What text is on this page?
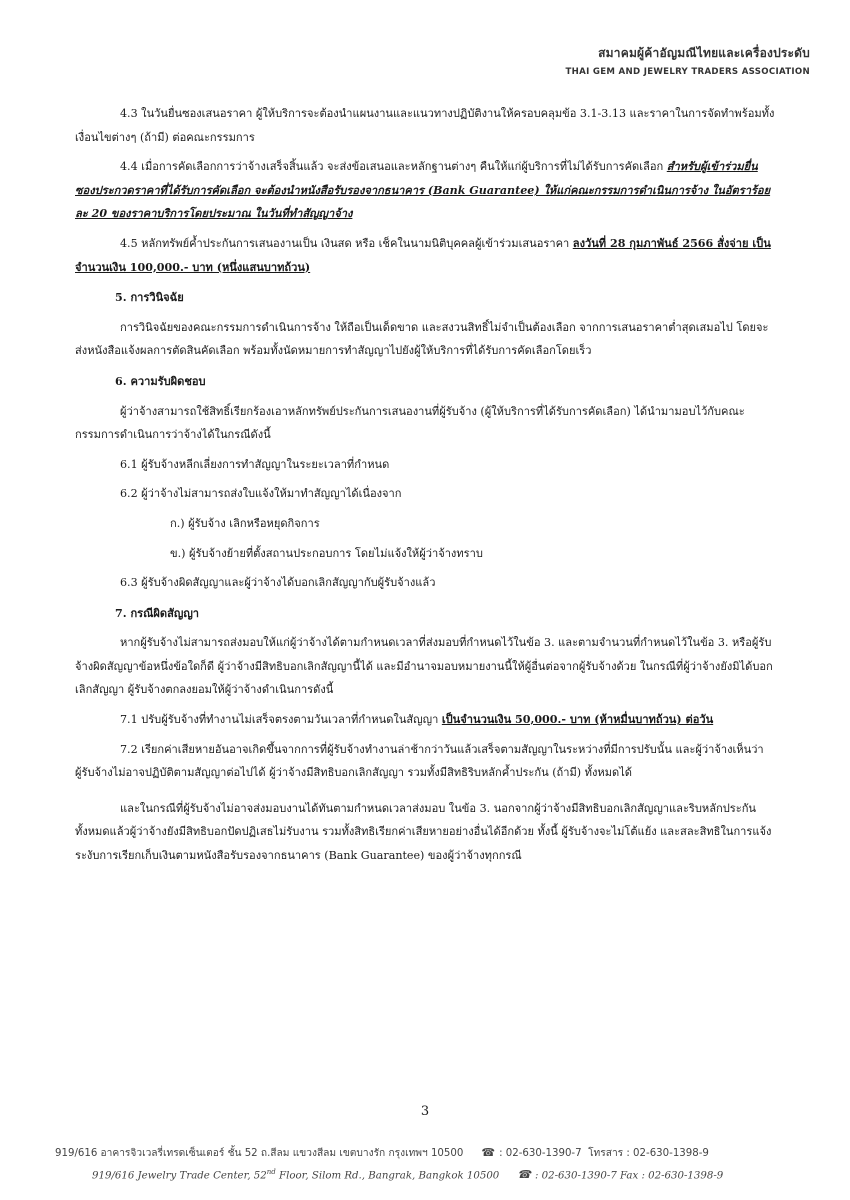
สมาคมผู้ค้าอัญมณีไทยและเครื่องประดับ
THAI GEM AND JEWELRY TRADERS ASSOCIATION

4.3 ในวันยื่นซองเสนอราคา ผู้ให้บริการจะต้องนำแผนงานและแนวทางปฏิบัติงานให้ครอบคลุมข้อ 3.1-3.13 และราคาในการจัดทำพร้อมทั้งเงื่อนไขต่างๆ (ถ้ามี) ต่อคณะกรรมการ

4.4 เมื่อการคัดเลือกการว่าจ้างเสร็จสิ้นแล้ว จะส่งข้อเสนอและหลักฐานต่างๆ คืนให้แก่ผู้บริการที่ไม่ได้รับการคัดเลือก สำหรับผู้เข้าร่วมยื่นซองประกวดราคาที่ได้รับการคัดเลือก จะต้องนำหนังสือรับรองจากธนาคาร (Bank Guarantee) ให้แก่คณะกรรมการดำเนินการจ้าง ในอัตราร้อยละ 20 ของราคาบริการโดยประมาณ ในวันที่ทำสัญญาจ้าง

4.5 หลักทรัพย์ค้ำประกันการเสนองานเป็น เงินสด หรือ เช็คในนามนิติบุคคลผู้เข้าร่วมเสนอราคา ลงวันที่ 28 กุมภาพันธ์ 2566 สั่งจ่าย เป็นจำนวนเงิน 100,000.- บาท (หนึ่งแสนบาทถ้วน)

5. การวินิจฉัย

การวินิจฉัยของคณะกรรมการดำเนินการจ้าง ให้ถือเป็นเด็ดขาด และสงวนสิทธิ์ไม่จำเป็นต้องเลือก จากการเสนอราคาต่ำสุดเสมอไป โดยจะส่งหนังสือแจ้งผลการตัดสินคัดเลือก พร้อมทั้งนัดหมายการทำสัญญาไปยังผู้ให้บริการที่ได้รับการคัดเลือกโดยเร็ว

6. ความรับผิดชอบ

ผู้ว่าจ้างสามารถใช้สิทธิ์เรียกร้องเอาหลักทรัพย์ประกันการเสนองานที่ผู้รับจ้าง (ผู้ให้บริการที่ได้รับการคัดเลือก) ได้นำมามอบไว้กับคณะกรรมการดำเนินการว่าจ้างได้ในกรณีดังนี้

6.1 ผู้รับจ้างหลีกเลี่ยงการทำสัญญาในระยะเวลาที่กำหนด

6.2 ผู้ว่าจ้างไม่สามารถส่งใบแจ้งให้มาทำสัญญาได้เนื่องจาก

ก.) ผู้รับจ้าง เลิกหรือหยุดกิจการ

ข.) ผู้รับจ้างย้ายที่ตั้งสถานประกอบการ โดยไม่แจ้งให้ผู้ว่าจ้างทราบ

6.3 ผู้รับจ้างผิดสัญญาและผู้ว่าจ้างได้บอกเลิกสัญญากับผู้รับจ้างแล้ว

7. กรณีผิดสัญญา

หากผู้รับจ้างไม่สามารถส่งมอบให้แก่ผู้ว่าจ้างได้ตามกำหนดเวลาที่ส่งมอบที่กำหนดไว้ในข้อ 3. และตามจำนวนที่กำหนดไว้ในข้อ 3. หรือผู้รับจ้างผิดสัญญาข้อหนึ่งข้อใดก็ดี ผู้ว่าจ้างมีสิทธิบอกเลิกสัญญานี้ได้ และมีอำนาจมอบหมายงานนี้ให้ผู้อื่นต่อจากผู้รับจ้างด้วย ในกรณีที่ผู้ว่าจ้างยังมิได้บอกเลิกสัญญา ผู้รับจ้างตกลงยอมให้ผู้ว่าจ้างดำเนินการดังนี้

7.1 ปรับผู้รับจ้างที่ทำงานไม่เสร็จตรงตามวันเวลาที่กำหนดในสัญญา เป็นจำนวนเงิน 50,000.- บาท (ห้าหมื่นบาทถ้วน) ต่อวัน

7.2 เรียกค่าเสียหายอันอาจเกิดขึ้นจากการที่ผู้รับจ้างทำงานล่าช้ากว่าวันแล้วเสร็จตามสัญญาในระหว่างที่มีการปรับนั้น และผู้ว่าจ้างเห็นว่าผู้รับจ้างไม่อาจปฏิบัติตามสัญญาต่อไปได้ ผู้ว่าจ้างมีสิทธิบอกเลิกสัญญา รวมทั้งมีสิทธิริบหลักค้ำประกัน (ถ้ามี) ทั้งหมดได้

และในกรณีที่ผู้รับจ้างไม่อาจส่งมอบงานได้ทันตามกำหนดเวลาส่งมอบ ในข้อ 3. นอกจากผู้ว่าจ้างมีสิทธิบอกเลิกสัญญาและริบหลักประกันทั้งหมดแล้วผู้ว่าจ้างยังมีสิทธิบอกปัดปฏิเสธไม่รับงาน รวมทั้งสิทธิเรียกค่าเสียหายอย่างอื่นได้อีกด้วย ทั้งนี้ ผู้รับจ้างจะไม่โต้แย้ง และสละสิทธิในการแจ้งระงับการเรียกเก็บเงินตามหนังสือรับรองจากธนาคาร (Bank Guarantee) ของผู้ว่าจ้างทุกกรณี

3
919/616 อาคารจิวเวลรี่เทรดเซ็นเตอร์ ชั้น 52 ถ.สีลม แขวงสีลม เขตบางรัก กรุงเทพฯ 10500 ☎ : 02-630-1390-7 โทรสาร : 02-630-1398-9
919/616 Jewelry Trade Center, 52nd Floor, Silom Rd., Bangrak, Bangkok 10500 ☎ : 02-630-1390-7 Fax : 02-630-1398-9
